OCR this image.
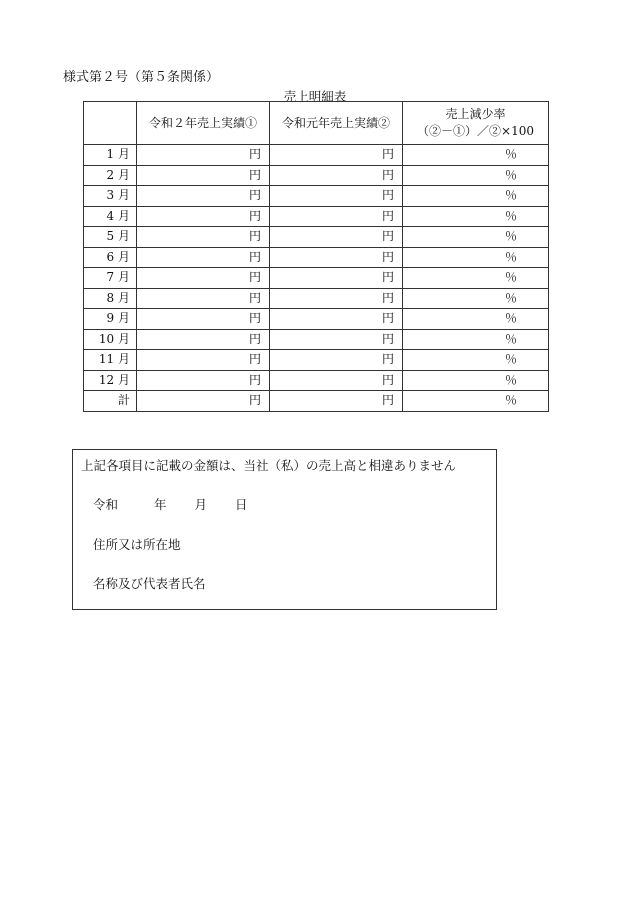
様式第２号（第５条関係）
売上明細表
	令和２年売上実績①	令和元年売上実績②	売上減少率
（②－①）／②×100

1 月	円	円	％
2 月	円	円	％
3 月	円	円	％
4 月	円	円	％
5 月	円	円	％
6 月	円	円	％
7 月	円	円	％
8 月	円	円	％
9 月	円	円	％
10 月	円	円	％
11 月	円	円	％
12 月	円	円	％
計	円	円	％
上記各項目に記載の金額は、当社（私）の売上高と相違ありません
令和	年 月 日
住所又は所在地
名称及び代表者氏名
